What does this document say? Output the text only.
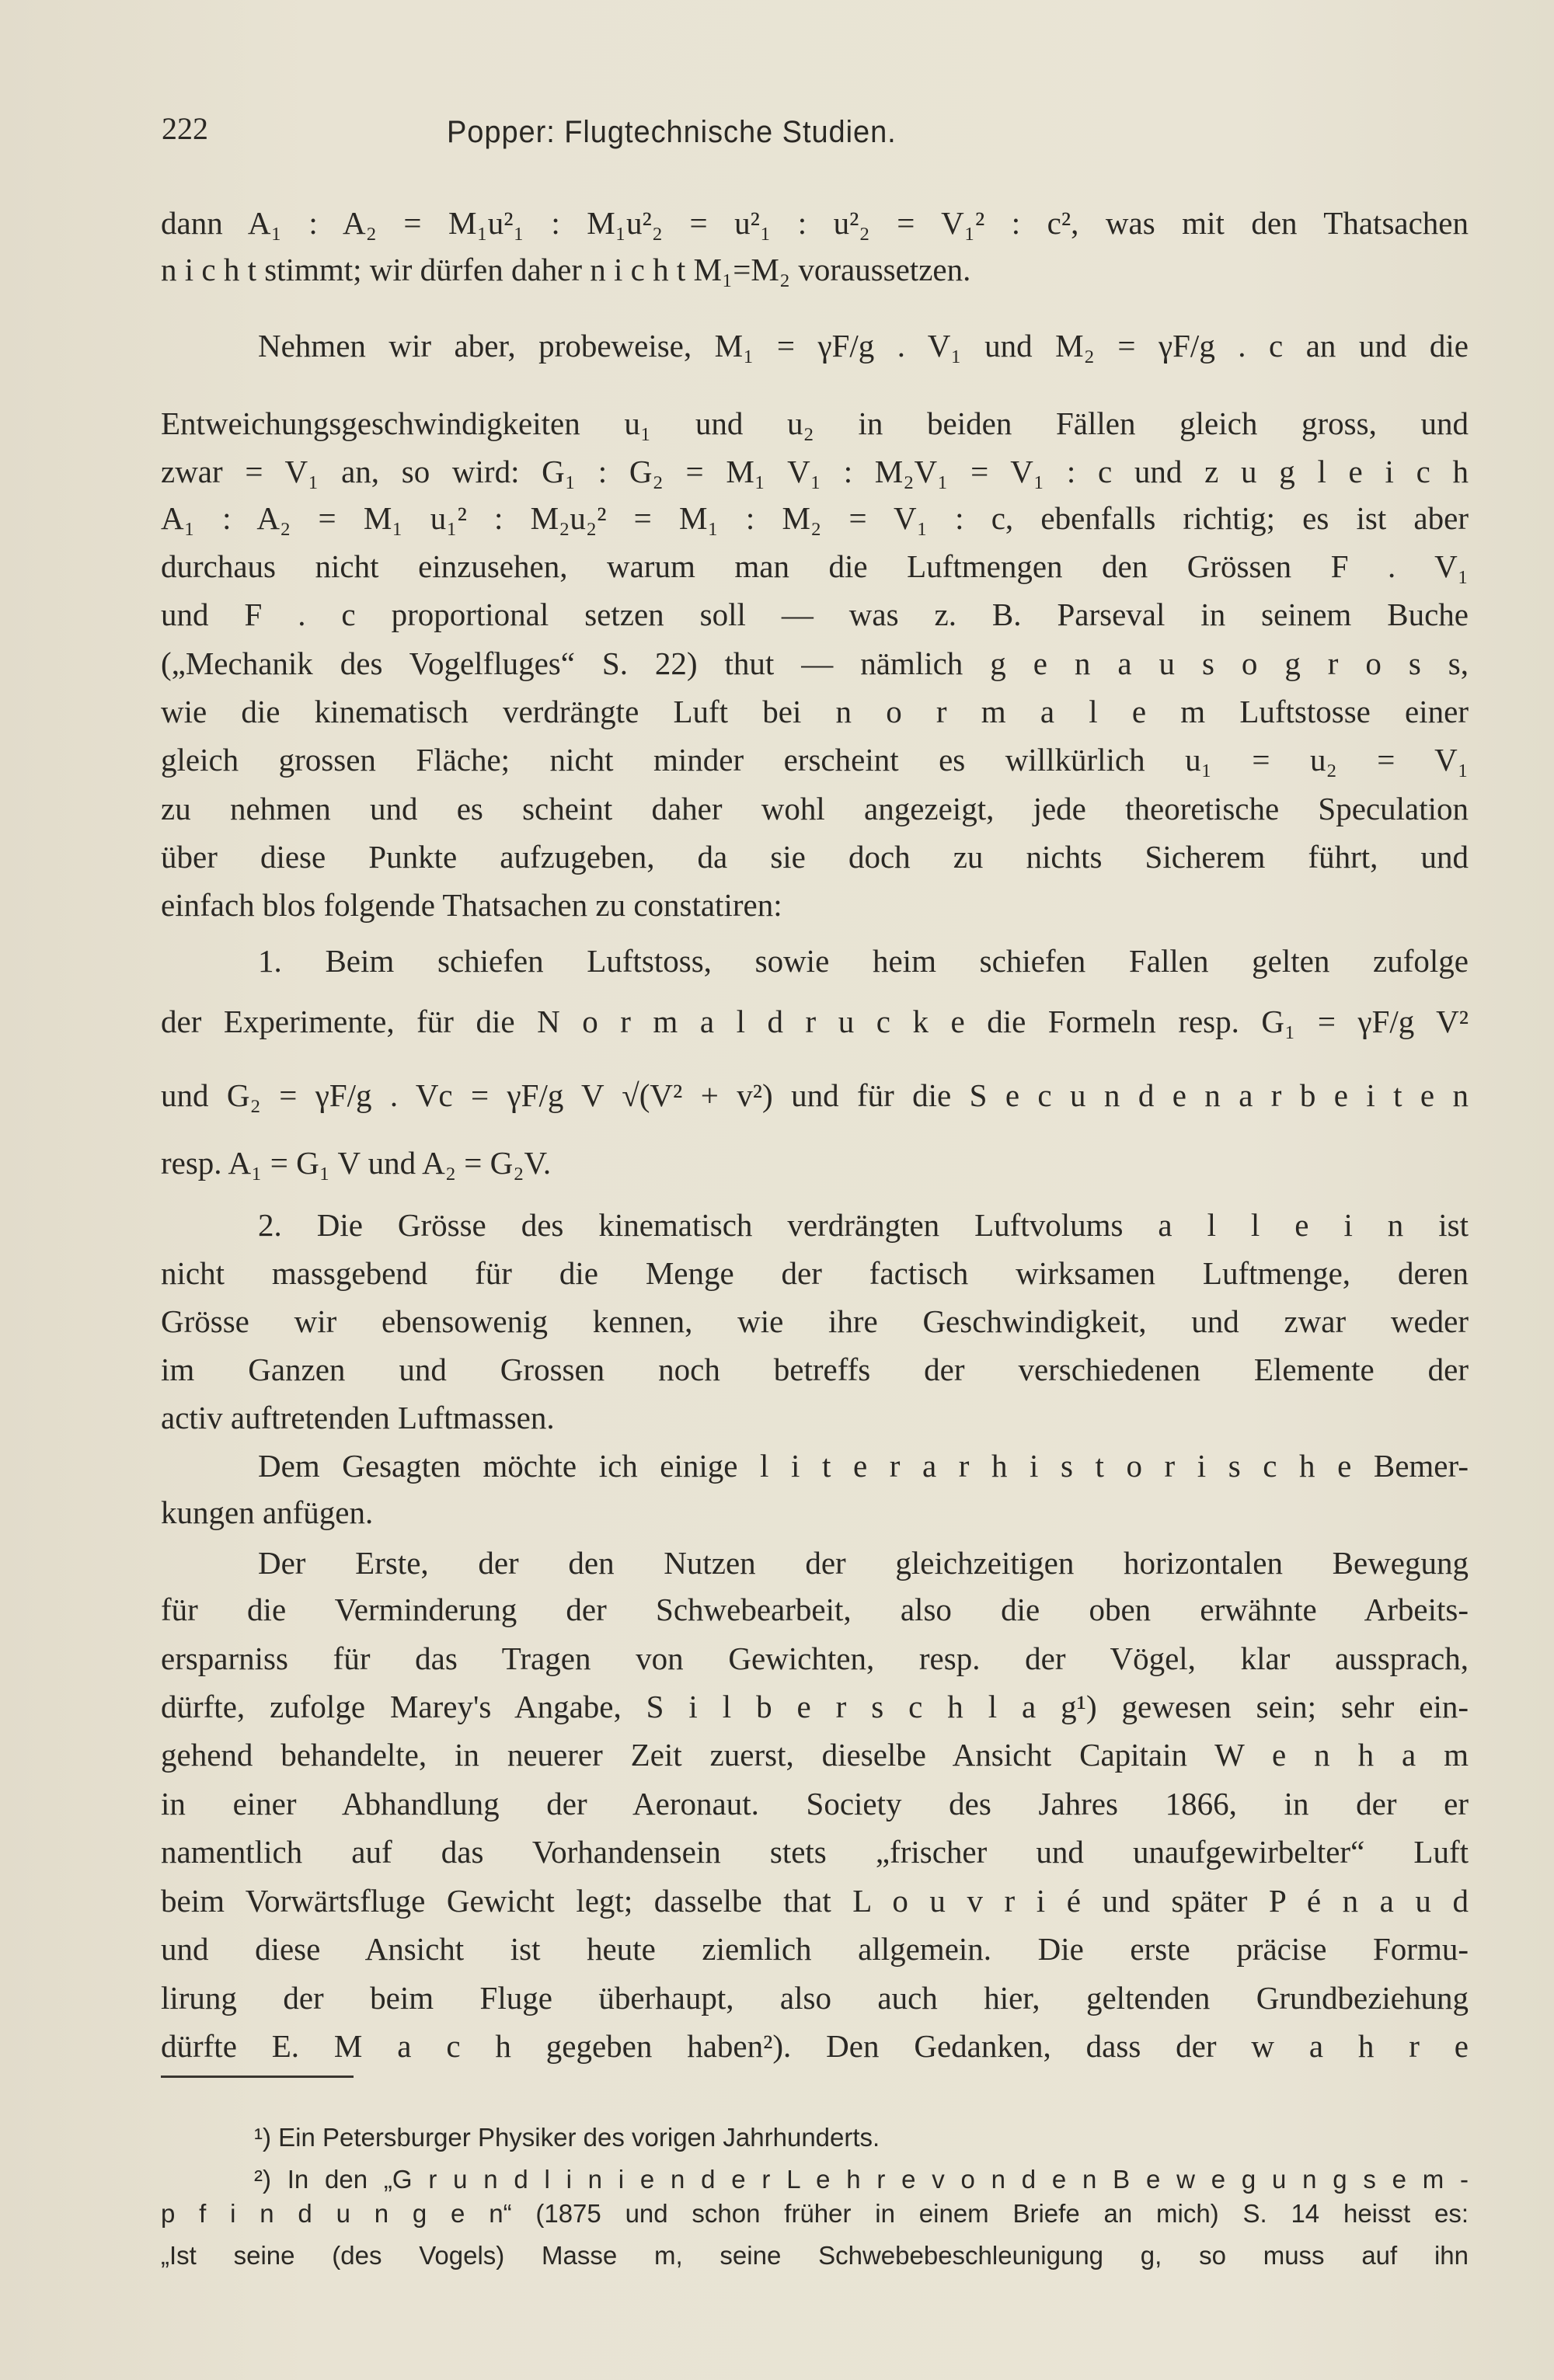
222	Popper: Flugtechnische Studien.
dann A₁ : A₂ = M₁u²₁ : M₁u²₂ = u²₁ : u²₂ = V₁² : c², was mit den Thatsachen
n i c h t stimmt; wir dürfen daher n i c h t M₁=M₂ voraussetzen.
Nehmen wir aber, probeweise, M₁ = γF/g . V₁ und M₂ = γF/g . c an und die
Entweichungsgeschwindigkeiten u₁ und u₂ in beiden Fällen gleich gross, und
zwar = V₁ an, so wird: G₁ : G₂ = M₁ V₁ : M₂V₁ = V₁ : c und z u g l e i c h
A₁ : A₂ = M₁ u₁² : M₂u₂² = M₁ : M₂ = V₁ : c, ebenfalls richtig; es ist aber
durchaus nicht einzusehen, warum man die Luftmengen den Grössen F . V₁
und F . c proportional setzen soll — was z. B. Parseval in seinem Buche
(„Mechanik des Vogelfluges“ S. 22) thut — nämlich g e n a u s o g r o s s,
wie die kinematisch verdrängte Luft bei n o r m a l e m Luftstosse einer
gleich grossen Fläche; nicht minder erscheint es willkürlich u₁ = u₂ = V₁
zu nehmen und es scheint daher wohl angezeigt, jede theoretische Speculation
über diese Punkte aufzugeben, da sie doch zu nichts Sicherem führt, und
einfach blos folgende Thatsachen zu constatiren:
1. Beim schiefen Luftstoss, sowie heim schiefen Fallen gelten zufolge
der Experimente, für die N o r m a l d r u c k e die Formeln resp. G₁ = γF/g V²
und G₂ = γF/g . Vc = γF/g V √(V² + v²) und für die S e c u n d e n a r b e i t e n
resp. A₁ = G₁ V und A₂ = G₂V.
2. Die Grösse des kinematisch verdrängten Luftvolums a l l e i n ist
nicht massgebend für die Menge der factisch wirksamen Luftmenge, deren
Grösse wir ebensowenig kennen, wie ihre Geschwindigkeit, und zwar weder
im Ganzen und Grossen noch betreffs der verschiedenen Elemente der
activ auftretenden Luftmassen.
Dem Gesagten möchte ich einige l i t e r a r h i s t o r i s c h e Bemer-
kungen anfügen.
Der Erste, der den Nutzen der gleichzeitigen horizontalen Bewegung
für die Verminderung der Schwebearbeit, also die oben erwähnte Arbeits-
ersparniss für das Tragen von Gewichten, resp. der Vögel, klar aussprach,
dürfte, zufolge Marey's Angabe, S i l b e r s c h l a g¹) gewesen sein; sehr ein-
gehend behandelte, in neuerer Zeit zuerst, dieselbe Ansicht Capitain W e n h a m
in einer Abhandlung der Aeronaut. Society des Jahres 1866, in der er
namentlich auf das Vorhandensein stets „frischer und unaufgewirbelter“ Luft
beim Vorwärtsfluge Gewicht legt; dasselbe that L o u v r i é und später P é n a u d
und diese Ansicht ist heute ziemlich allgemein. Die erste präcise Formu-
lirung der beim Fluge überhaupt, also auch hier, geltenden Grundbeziehung
dürfte E. M a c h gegeben haben²). Den Gedanken, dass der w a h r e
¹) Ein Petersburger Physiker des vorigen Jahrhunderts.
²) In den „G r u n d l i n i e n d e r L e h r e v o n d e n B e w e g u n g s e m -
p f i n d u n g e n“ (1875 und schon früher in einem Briefe an mich) S. 14 heisst es:
„Ist seine (des Vogels) Masse m, seine Schwebebeschleunigung g, so muss auf ihn
